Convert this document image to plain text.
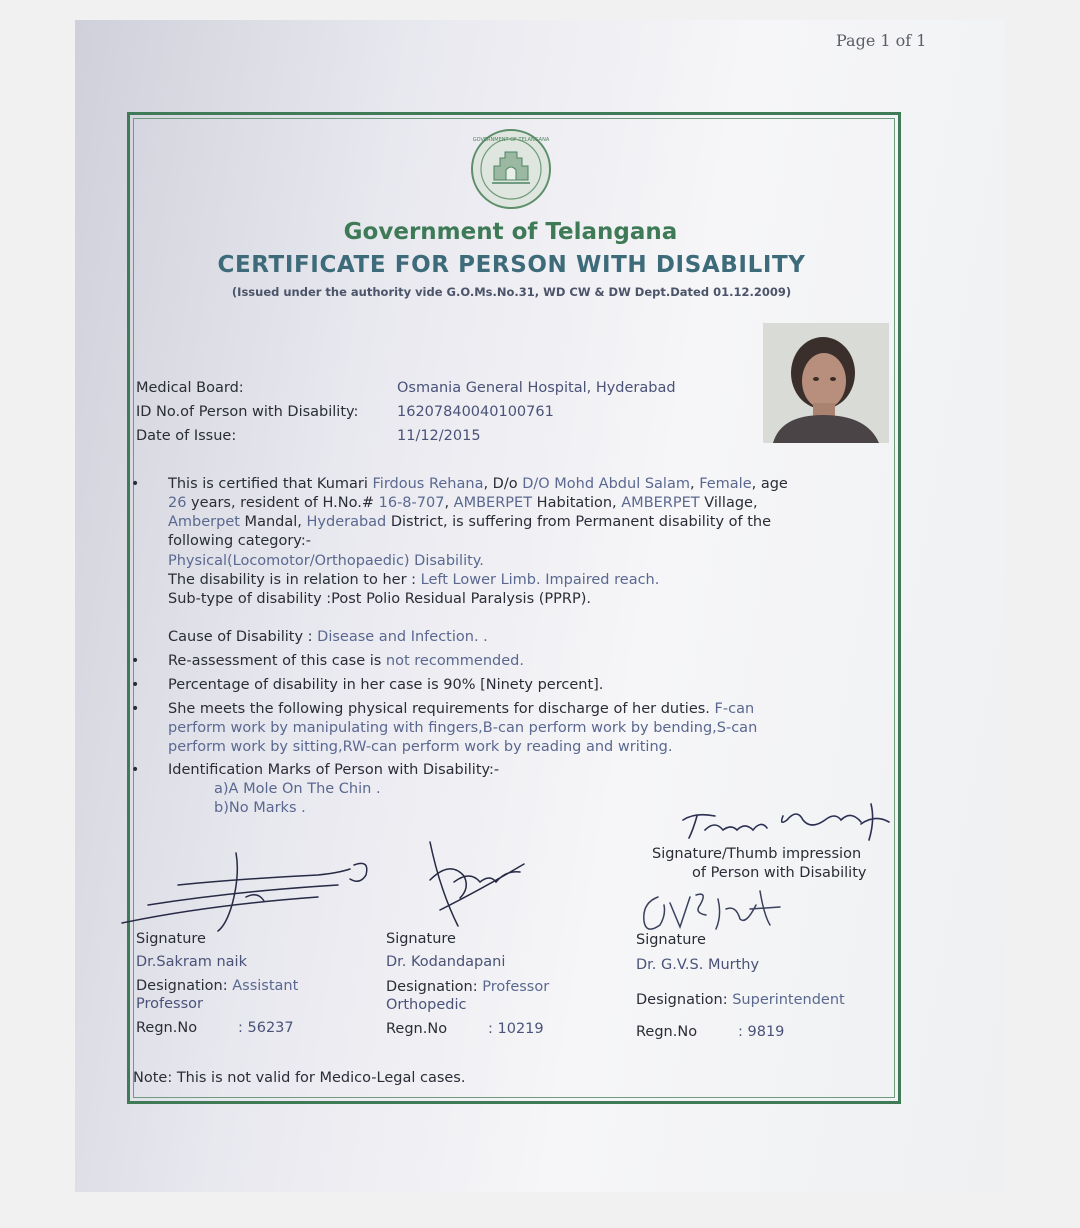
Page 1 of 1
GOVERNMENT OF TELANGANA
Government of Telangana
CERTIFICATE FOR PERSON WITH DISABILITY
(Issued under the authority vide G.O.Ms.No.31, WD CW & DW Dept.Dated 01.12.2009)
Medical Board:	Osmania General Hospital, Hyderabad
ID No.of Person with Disability:	16207840040100761
Date of Issue:	11/12/2015
• This is certified that Kumari Firdous Rehana, D/o D/O Mohd Abdul Salam, Female, age
26 years, resident of H.No.# 16-8-707, AMBERPET Habitation, AMBERPET Village,
Amberpet Mandal, Hyderabad District, is suffering from Permanent disability of the
following category:-
Physical(Locomotor/Orthopaedic) Disability.
The disability is in relation to her : Left Lower Limb. Impaired reach.
Sub-type of disability :Post Polio Residual Paralysis (PPRP).
Cause of Disability : Disease and Infection. .
• Re-assessment of this case is not recommended.
• Percentage of disability in her case is 90% [Ninety percent].
• She meets the following physical requirements for discharge of her duties. F-can
perform work by manipulating with fingers,B-can perform work by bending,S-can
perform work by sitting,RW-can perform work by reading and writing.
• Identification Marks of Person with Disability:-
a)A Mole On The Chin .
b)No Marks .
Signature/Thumb impression
of Person with Disability
Signature
Dr.Sakram naik
Designation: Assistant
Professor
Regn.No	: 56237
Signature
Dr. Kodandapani
Designation: Professor
Orthopedic
Regn.No	: 10219
Signature
Dr. G.V.S. Murthy
Designation: Superintendent
Regn.No	: 9819
Note: This is not valid for Medico-Legal cases.
